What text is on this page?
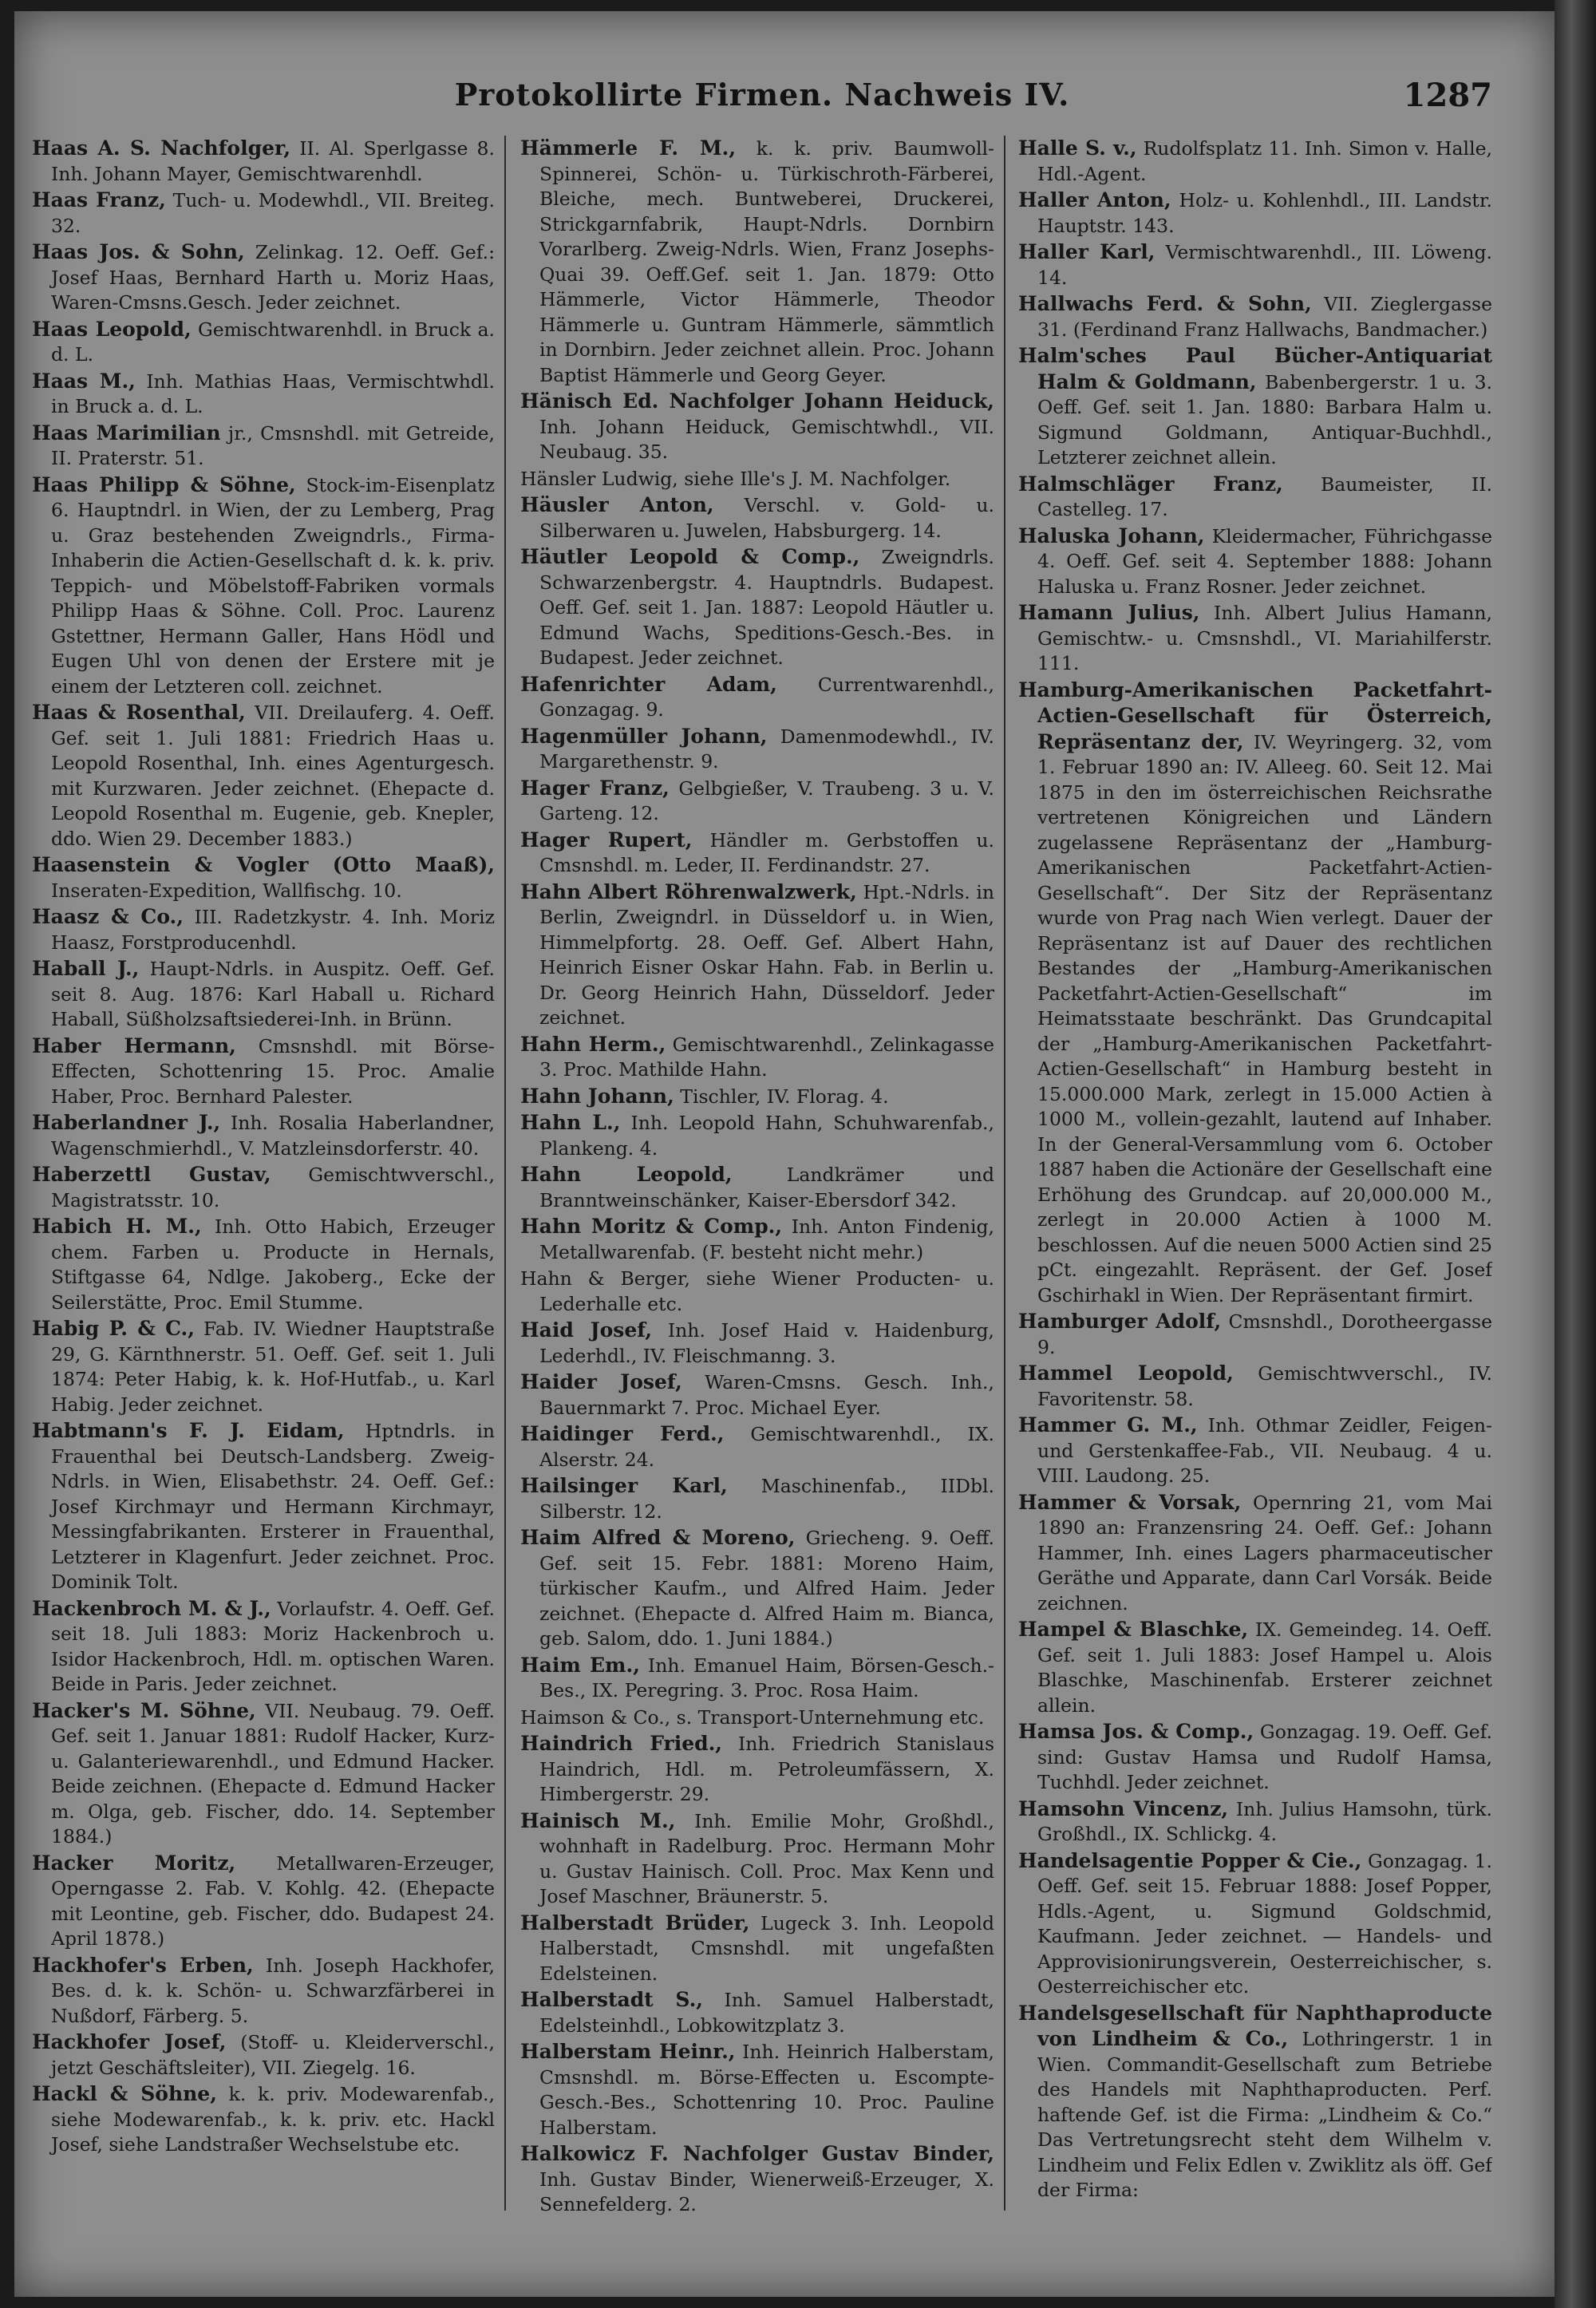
Protokollirte Firmen. Nachweis IV.	1287

Haas A. S. Nachfolger, II. Al. Sperlgasse 8. Inh. Johann Mayer, Gemischtwarenhdl.

Haas Franz, Tuch- u. Modewhdl., VII. Breiteg. 32.

Haas Jos. & Sohn, Zelinkag. 12. Oeff. Gef.: Josef Haas, Bernhard Harth u. Moriz Haas, Waren-Cmsns.Gesch. Jeder zeichnet.

Haas Leopold, Gemischtwarenhdl. in Bruck a. d. L.

Haas M., Inh. Mathias Haas, Vermischtwhdl. in Bruck a. d. L.

Haas Marimilian jr., Cmsnshdl. mit Getreide, II. Praterstr. 51.

Haas Philipp & Söhne, Stock-im-Eisenplatz 6. Hauptndrl. in Wien, der zu Lemberg, Prag u. Graz bestehenden Zweigndrls., Firma-Inhaberin die Actien-Gesellschaft d. k. k. priv. Teppich- und Möbelstoff-Fabriken vormals Philipp Haas & Söhne. Coll. Proc. Laurenz Gstettner, Hermann Galler, Hans Hödl und Eugen Uhl von denen der Erstere mit je einem der Letzteren coll. zeichnet.

Haas & Rosenthal, VII. Dreilauferg. 4. Oeff. Gef. seit 1. Juli 1881: Friedrich Haas u. Leopold Rosenthal, Inh. eines Agenturgesch. mit Kurzwaren. Jeder zeichnet. (Ehepacte d. Leopold Rosenthal m. Eugenie, geb. Knepler, ddo. Wien 29. December 1883.)

Haasenstein & Vogler (Otto Maaß), Inseraten-Expedition, Wallfischg. 10.

Haasz & Co., III. Radetzkystr. 4. Inh. Moriz Haasz, Forstproducenhdl.

Haball J., Haupt-Ndrls. in Auspitz. Oeff. Gef. seit 8. Aug. 1876: Karl Haball u. Richard Haball, Süßholzsaftsiederei-Inh. in Brünn.

Haber Hermann, Cmsnshdl. mit Börse-Effecten, Schottenring 15. Proc. Amalie Haber, Proc. Bernhard Palester.

Haberlandner J., Inh. Rosalia Haberlandner, Wagenschmierhdl., V. Matzleinsdorferstr. 40.

Haberzettl Gustav, Gemischtwverschl., Magistratsstr. 10.

Habich H. M., Inh. Otto Habich, Erzeuger chem. Farben u. Producte in Hernals, Stiftgasse 64, Ndlge. Jakoberg., Ecke der Seilerstätte, Proc. Emil Stumme.

Habig P. & C., Fab. IV. Wiedner Hauptstraße 29, G. Kärnthnerstr. 51. Oeff. Gef. seit 1. Juli 1874: Peter Habig, k. k. Hof-Hutfab., u. Karl Habig. Jeder zeichnet.

Habtmann's F. J. Eidam, Hptndrls. in Frauenthal bei Deutsch-Landsberg. Zweig-Ndrls. in Wien, Elisabethstr. 24. Oeff. Gef.: Josef Kirchmayr und Hermann Kirchmayr, Messingfabrikanten. Ersterer in Frauenthal, Letzterer in Klagenfurt. Jeder zeichnet. Proc. Dominik Tolt.

Hackenbroch M. & J., Vorlaufstr. 4. Oeff. Gef. seit 18. Juli 1883: Moriz Hackenbroch u. Isidor Hackenbroch, Hdl. m. optischen Waren. Beide in Paris. Jeder zeichnet.

Hacker's M. Söhne, VII. Neubaug. 79. Oeff. Gef. seit 1. Januar 1881: Rudolf Hacker, Kurz- u. Galanteriewarenhdl., und Edmund Hacker. Beide zeichnen. (Ehepacte d. Edmund Hacker m. Olga, geb. Fischer, ddo. 14. September 1884.)

Hacker Moritz, Metallwaren-Erzeuger, Operngasse 2. Fab. V. Kohlg. 42. (Ehepacte mit Leontine, geb. Fischer, ddo. Budapest 24. April 1878.)

Hackhofer's Erben, Inh. Joseph Hackhofer, Bes. d. k. k. Schön- u. Schwarzfärberei in Nußdorf, Färberg. 5.

Hackhofer Josef, (Stoff- u. Kleiderverschl., jetzt Geschäftsleiter), VII. Ziegelg. 16.

Hackl & Söhne, k. k. priv. Modewarenfab., siehe Modewarenfab., k. k. priv. etc. Hackl Josef, siehe Landstraßer Wechselstube etc.

Hämmerle F. M., k. k. priv. Baumwoll-Spinnerei, Schön- u. Türkischroth-Färberei, Bleiche, mech. Buntweberei, Druckerei, Strickgarnfabrik, Haupt-Ndrls. Dornbirn Vorarlberg. Zweig-Ndrls. Wien, Franz Josephs-Quai 39. Oeff.Gef. seit 1. Jan. 1879: Otto Hämmerle, Victor Hämmerle, Theodor Hämmerle u. Guntram Hämmerle, sämmtlich in Dornbirn. Jeder zeichnet allein. Proc. Johann Baptist Hämmerle und Georg Geyer.

Hänisch Ed. Nachfolger Johann Heiduck, Inh. Johann Heiduck, Gemischtwhdl., VII. Neubaug. 35.

Hänsler Ludwig, siehe Ille's J. M. Nachfolger.

Häusler Anton, Verschl. v. Gold- u. Silberwaren u. Juwelen, Habsburgerg. 14.

Häutler Leopold & Comp., Zweigndrls. Schwarzenbergstr. 4. Hauptndrls. Budapest. Oeff. Gef. seit 1. Jan. 1887: Leopold Häutler u. Edmund Wachs, Speditions-Gesch.-Bes. in Budapest. Jeder zeichnet.

Hafenrichter Adam, Currentwarenhdl., Gonzagag. 9.

Hagenmüller Johann, Damenmodewhdl., IV. Margarethenstr. 9.

Hager Franz, Gelbgießer, V. Traubeng. 3 u. V. Garteng. 12.

Hager Rupert, Händler m. Gerbstoffen u. Cmsnshdl. m. Leder, II. Ferdinandstr. 27.

Hahn Albert Röhrenwalzwerk, Hpt.-Ndrls. in Berlin, Zweigndrl. in Düsseldorf u. in Wien, Himmelpfortg. 28. Oeff. Gef. Albert Hahn, Heinrich Eisner Oskar Hahn. Fab. in Berlin u. Dr. Georg Heinrich Hahn, Düsseldorf. Jeder zeichnet.

Hahn Herm., Gemischtwarenhdl., Zelinkagasse 3. Proc. Mathilde Hahn.

Hahn Johann, Tischler, IV. Florag. 4.

Hahn L., Inh. Leopold Hahn, Schuhwarenfab., Plankeng. 4.

Hahn Leopold,	Landkrämer und Branntweinschänker, Kaiser-Ebersdorf 342.

Hahn Moritz & Comp., Inh. Anton Findenig, Metallwarenfab. (F. besteht nicht mehr.)

Hahn & Berger, siehe Wiener Producten- u. Lederhalle etc.

Haid Josef, Inh. Josef Haid v. Haidenburg, Lederhdl., IV. Fleischmanng. 3.

Haider Josef, Waren-Cmsns. Gesch. Inh., Bauernmarkt 7. Proc. Michael Eyer.

Haidinger Ferd., Gemischtwarenhdl., IX. Alserstr. 24.

Hailsinger Karl, Maschinenfab., IIDbl. Silberstr. 12.

Haim Alfred & Moreno, Griecheng. 9. Oeff. Gef. seit 15. Febr. 1881: Moreno Haim, türkischer Kaufm., und Alfred Haim. Jeder zeichnet. (Ehepacte d. Alfred Haim m. Bianca, geb. Salom, ddo. 1. Juni 1884.)

Haim Em., Inh. Emanuel Haim, Börsen-Gesch.-Bes., IX. Peregring. 3. Proc. Rosa Haim.

Haimson & Co., s. Transport-Unternehmung etc.

Haindrich Fried., Inh. Friedrich Stanislaus Haindrich, Hdl. m. Petroleumfässern, X. Himbergerstr. 29.

Hainisch M., Inh. Emilie Mohr, Großhdl., wohnhaft in Radelburg. Proc. Hermann Mohr u. Gustav Hainisch. Coll. Proc. Max Kenn und Josef Maschner, Bräunerstr. 5.

Halberstadt Brüder, Lugeck 3. Inh. Leopold Halberstadt, Cmsnshdl. mit ungefaßten Edelsteinen.

Halberstadt S., Inh. Samuel Halberstadt, Edelsteinhdl., Lobkowitzplatz 3.

Halberstam Heinr., Inh. Heinrich Halberstam, Cmsnshdl. m. Börse-Effecten u. Escompte-Gesch.-Bes., Schottenring 10. Proc. Pauline Halberstam.

Halkowicz F. Nachfolger Gustav Binder, Inh. Gustav Binder, Wienerweiß-Erzeuger, X. Sennefelderg. 2.

Halle S. v., Rudolfsplatz 11. Inh. Simon v. Halle, Hdl.-Agent.

Haller Anton, Holz- u. Kohlenhdl., III. Landstr. Hauptstr. 143.

Haller Karl, Vermischtwarenhdl., III. Löweng. 14.

Hallwachs Ferd. & Sohn, VII. Zieglergasse 31. (Ferdinand Franz Hallwachs, Bandmacher.)

Halm'sches Paul Bücher-Antiquariat Halm & Goldmann, Babenbergerstr. 1 u. 3. Oeff. Gef. seit 1. Jan. 1880: Barbara Halm u. Sigmund Goldmann, Antiquar-Buchhdl., Letzterer zeichnet allein.

Halmschläger Franz, Baumeister, II. Castelleg. 17.

Haluska Johann, Kleidermacher, Führichgasse 4. Oeff. Gef. seit 4. September 1888: Johann Haluska u. Franz Rosner. Jeder zeichnet.

Hamann Julius, Inh. Albert Julius Hamann, Gemischtw.- u. Cmsnshdl., VI. Mariahilferstr. 111.

Hamburg-Amerikanischen Packetfahrt-Actien-Gesellschaft für Österreich, Repräsentanz der, IV. Weyringerg. 32, vom 1. Februar 1890 an: IV. Alleeg. 60. Seit 12. Mai 1875 in den im österreichischen Reichsrathe vertretenen Königreichen und Ländern zugelassene Repräsentanz der „Hamburg-Amerikanischen Packetfahrt-Actien-Gesellschaft“. Der Sitz der Repräsentanz wurde von Prag nach Wien verlegt. Dauer der Repräsentanz ist auf Dauer des rechtlichen Bestandes der „Hamburg-Amerikanischen Packetfahrt-Actien-Gesellschaft“ im Heimatsstaate beschränkt. Das Grundcapital der „Hamburg-Amerikanischen Packetfahrt-Actien-Gesellschaft“ in Hamburg besteht in 15.000.000 Mark, zerlegt in 15.000 Actien à 1000 M., vollein-gezahlt, lautend auf Inhaber. In der General-Versammlung vom 6. October 1887 haben die Actionäre der Gesellschaft eine Erhöhung des Grundcap. auf 20,000.000 M., zerlegt in 20.000 Actien à 1000 M. beschlossen. Auf die neuen 5000 Actien sind 25 pCt. eingezahlt. Repräsent. der Gef. Josef Gschirhakl in Wien. Der Repräsentant firmirt.

Hamburger Adolf, Cmsnshdl., Dorotheergasse 9.

Hammel Leopold, Gemischtwverschl., IV. Favoritenstr. 58.

Hammer G. M., Inh. Othmar Zeidler, Feigen- und Gerstenkaffee-Fab., VII. Neubaug. 4 u. VIII. Laudong. 25.

Hammer & Vorsak, Opernring 21, vom Mai 1890 an: Franzensring 24. Oeff. Gef.: Johann Hammer, Inh. eines Lagers pharmaceutischer Geräthe und Apparate, dann Carl Vorsák. Beide zeichnen.

Hampel & Blaschke, IX. Gemeindeg. 14. Oeff. Gef. seit 1. Juli 1883: Josef Hampel u. Alois Blaschke, Maschinenfab. Ersterer zeichnet allein.

Hamsa Jos. & Comp., Gonzagag. 19. Oeff. Gef. sind: Gustav Hamsa und Rudolf Hamsa, Tuchhdl. Jeder zeichnet.

Hamsohn Vincenz, Inh. Julius Hamsohn, türk. Großhdl., IX. Schlickg. 4.

Handelsagentie Popper & Cie., Gonzagag. 1. Oeff. Gef. seit 15. Februar 1888: Josef Popper, Hdls.-Agent, u. Sigmund Goldschmid, Kaufmann. Jeder zeichnet. — Handels- und Approvisionirungsverein, Oesterreichischer, s. Oesterreichischer etc.

Handelsgesellschaft für Naphthaproducte von Lindheim & Co., Lothringerstr. 1 in Wien. Commandit-Gesellschaft zum Betriebe des Handels mit Naphthaproducten. Perf. haftende Gef. ist die Firma: „Lindheim & Co.“ Das Vertretungsrecht steht dem Wilhelm v. Lindheim und Felix Edlen v. Zwiklitz als öff. Gef der Firma:
